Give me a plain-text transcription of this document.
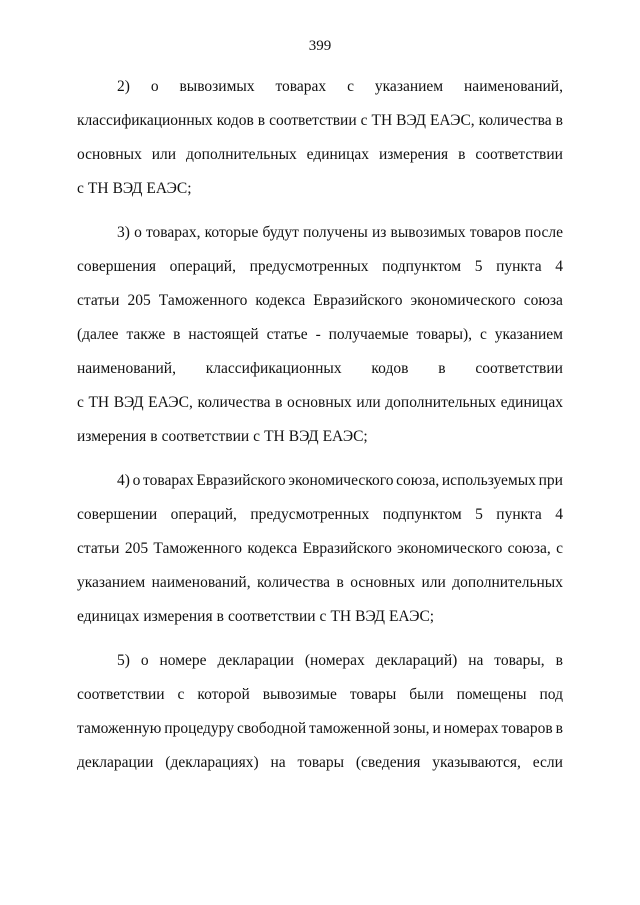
399
2) о вывозимых товарах с указанием наименований,
классификационных кодов в соответствии с ТН ВЭД ЕАЭС, количества в
основных или дополнительных единицах измерения в соответствии
с ТН ВЭД ЕАЭС;
3) о товарах, которые будут получены из вывозимых товаров после
совершения операций, предусмотренных подпунктом 5 пункта 4
статьи 205 Таможенного кодекса Евразийского экономического союза
(далее также в настоящей статье - получаемые товары), с указанием
наименований, классификационных кодов в соответствии
с ТН ВЭД ЕАЭС, количества в основных или дополнительных единицах
измерения в соответствии с ТН ВЭД ЕАЭС;
4) о товарах Евразийского экономического союза, используемых при
совершении операций, предусмотренных подпунктом 5 пункта 4
статьи 205 Таможенного кодекса Евразийского экономического союза, с
указанием наименований, количества в основных или дополнительных
единицах измерения в соответствии с ТН ВЭД ЕАЭС;
5) о номере декларации (номерах деклараций) на товары, в
соответствии с которой вывозимые товары были помещены под
таможенную процедуру свободной таможенной зоны, и номерах товаров в
декларации (декларациях) на товары (сведения указываются, если
